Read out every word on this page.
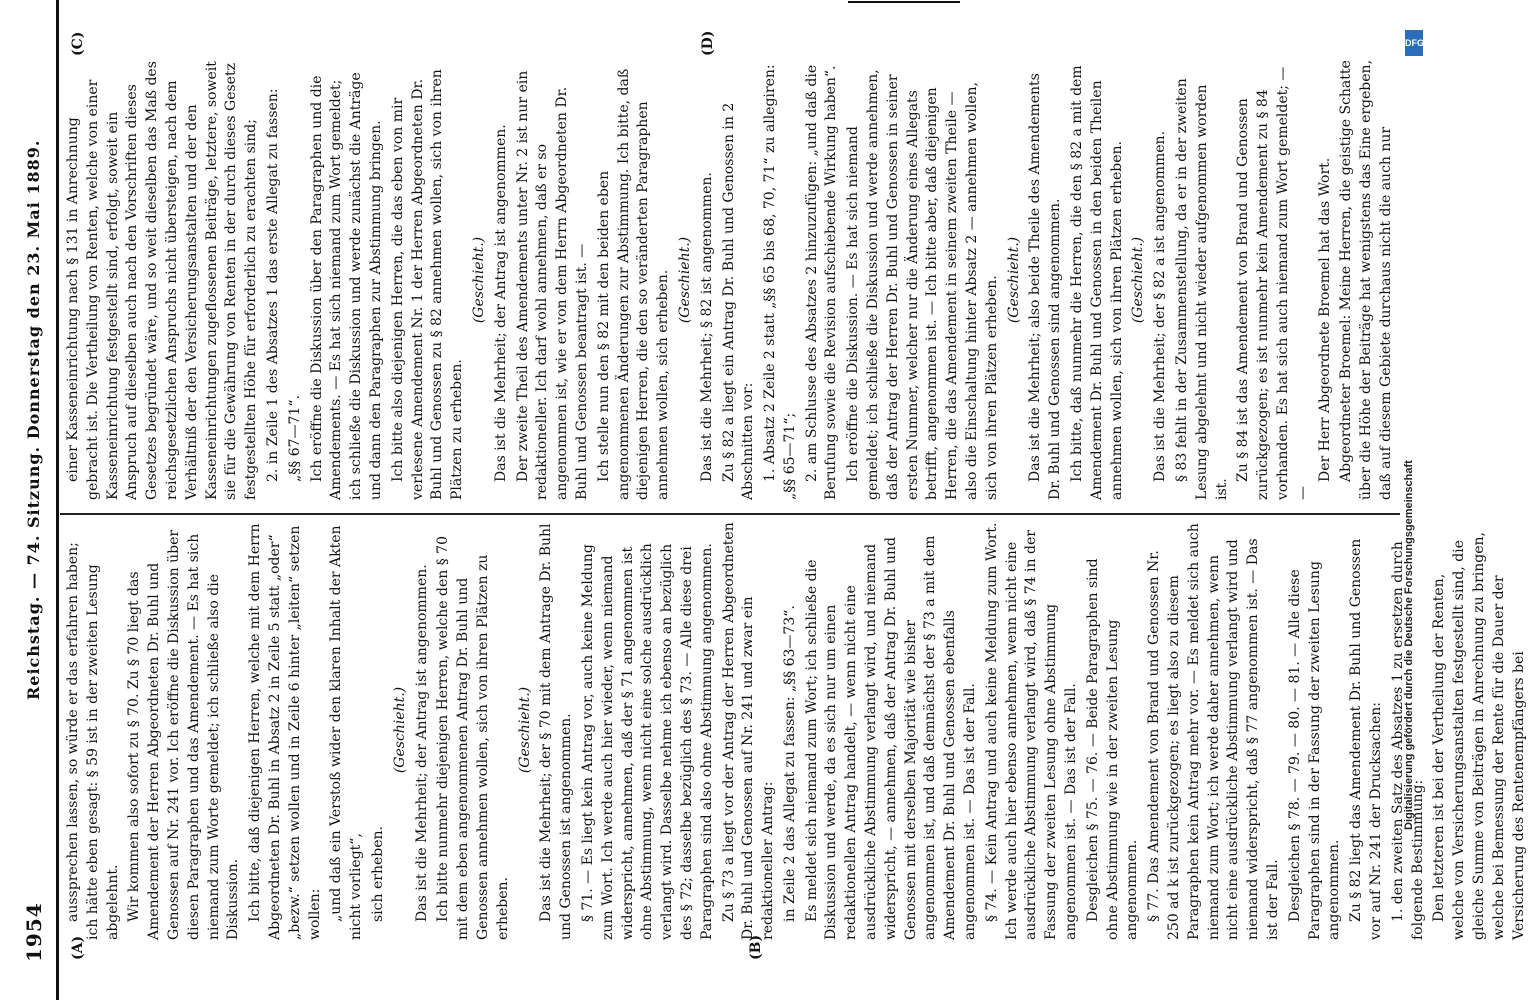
1954
Reichstag. — 74. Sitzung. Donnerstag den 23. Mai 1889.

aussprechen lassen, so würde er das erfahren haben; ich hätte eben gesagt: § 59 ist in der zweiten Lesung abgelehnt. Wir kommen also sofort zu § 70. Zu § 70 liegt das Amendement der Herren Abgeordneten Dr. Buhl und Genossen auf Nr. 241 vor. Ich eröffne die Diskussion über diesen Paragraphen und das Amendement. — Es hat sich niemand zum Worte gemeldet; ich schließe also die Diskussion. Ich bitte, daß diejenigen Herren, welche mit dem Herrn Abgeordneten Dr. Buhl in Absatz 2 in Zeile 5 statt „oder“ „bezw.“ setzen wollen und in Zeile 6 hinter „leiten“ setzen wollen: „und daß ein Verstoß wider den klaren Inhalt der Akten nicht vorliegt“, sich erheben.

(Geschieht.) Das ist die Mehrheit; der Antrag ist angenommen. Ich bitte nunmehr diejenigen Herren, welche den § 70 mit dem eben angenommenen Antrag Dr. Buhl und Genossen annehmen wollen, sich von ihren Plätzen zu erheben.

(Geschieht.) Das ist die Mehrheit; der § 70 mit dem Antrage Dr. Buhl und Genossen ist angenommen. § 71. — Es liegt kein Antrag vor, auch keine Meldung zum Wort. Ich werde auch hier wieder, wenn niemand widerspricht, annehmen, daß der § 71 angenommen ist ohne Abstimmung, wenn nicht eine solche ausdrücklich verlangt wird. Dasselbe nehme ich ebenso an bezüglich des § 72; dasselbe bezüglich des § 73. — Alle diese drei Paragraphen sind also ohne Abstimmung angenommen. Zu § 73 a liegt vor der Antrag der Herren Abgeordneten Dr. Buhl und Genossen auf Nr. 241 und zwar ein redaktioneller Antrag: in Zeile 2 das Allegat zu fassen: „§§ 63—73“. Es meldet sich niemand zum Wort; ich schließe die Diskussion und werde, da es sich nur um einen redaktionellen Antrag handelt, — wenn nicht eine ausdrückliche Abstimmung verlangt wird, und niemand widerspricht, — annehmen, daß der Antrag Dr. Buhl und Genossen mit derselben Majorität wie bisher angenommen ist, und daß demnächst der § 73 a mit dem Amendement Dr. Buhl und Genossen ebenfalls angenommen ist. — Das ist der Fall. § 74. — Kein Antrag und auch keine Meldung zum Wort. Ich werde auch hier ebenso annehmen, wenn nicht eine ausdrückliche Abstimmung verlangt wird, daß § 74 in der Fassung der zweiten Lesung ohne Abstimmung angenommen ist. — Das ist der Fall. Desgleichen § 75. — 76. — Beide Paragraphen sind ohne Abstimmung wie in der zweiten Lesung angenommen. § 77. Das Amendement von Brand und Genossen Nr. 250 ad k ist zurückgezogen; es liegt also zu diesem Paragraphen kein Antrag mehr vor. — Es meldet sich auch niemand zum Wort; ich werde daher annehmen, wenn nicht eine ausdrückliche Abstimmung verlangt wird und niemand widerspricht, daß § 77 angenommen ist. — Das ist der Fall. Desgleichen § 78. — 79. — 80. — 81. — Alle diese Paragraphen sind in der Fassung der zweiten Lesung angenommen. Zu § 82 liegt das Amendement Dr. Buhl und Genossen vor auf Nr. 241 der Drucksachen: 1. den zweiten Satz des Absatzes 1 zu ersetzen durch folgende Bestimmung: Den letzteren ist bei der Vertheilung der Renten, welche von Versicherungsanstalten festgestellt sind, die gleiche Summe von Beiträgen in Anrechnung zu bringen, welche bei Bemessung der Rente für die Dauer der Versicherung des Rentenempfängers bei

einer Kasseneinrichtung nach § 131 in Anrechnung gebracht ist. Die Vertheilung von Renten, welche von einer Kasseneinrichtung festgestellt sind, erfolgt, soweit ein Anspruch auf dieselben auch nach den Vorschriften dieses Gesetzes begründet wäre, und so weit dieselben das Maß des reichsgesetzlichen Anspruchs nicht übersteigen, nach dem Verhältniß der den Versicherungsanstalten und der den Kasseneinrichtungen zugeflossenen Beiträge, letztere, soweit sie für die Gewährung von Renten in der durch dieses Gesetz festgestellten Höhe für erforderlich zu erachten sind; 2. in Zeile 1 des Absatzes 1 das erste Allegat zu fassen: „§§ 67—71“. Ich eröffne die Diskussion über den Paragraphen und die Amendements. — Es hat sich niemand zum Wort gemeldet; ich schließe die Diskussion und werde zunächst die Anträge und dann den Paragraphen zur Abstimmung bringen. Ich bitte also diejenigen Herren, die das eben von mir verlesene Amendement Nr. 1 der Herren Abgeordneten Dr. Buhl und Genossen zu § 82 annehmen wollen, sich von ihren Plätzen zu erheben.

(Geschieht.) Das ist die Mehrheit; der Antrag ist angenommen. Der zweite Theil des Amendements unter Nr. 2 ist nur ein redaktioneller. Ich darf wohl annehmen, daß er so angenommen ist, wie er von dem Herrn Abgeordneten Dr. Buhl und Genossen beantragt ist. — Ich stelle nun den § 82 mit den beiden eben angenommenen Änderungen zur Abstimmung. Ich bitte, daß diejenigen Herren, die den so veränderten Paragraphen annehmen wollen, sich erheben. (Geschieht.) Das ist die Mehrheit; § 82 ist angenommen. Zu § 82 a liegt ein Antrag Dr. Buhl und Genossen in 2 Abschnitten vor: 1. Absatz 2 Zeile 2 statt „§§ 65 bis 68, 70, 71“ zu allegiren: „§§ 65—71“; 2. am Schlusse des Absatzes 2 hinzuzufügen: „und daß die Berufung sowie die Revision aufschiebende Wirkung haben“. Ich eröffne die Diskussion. — Es hat sich niemand gemeldet; ich schließe die Diskussion und werde annehmen, daß der Antrag der Herren Dr. Buhl und Genossen in seiner ersten Nummer, welcher nur die Änderung eines Allegats betrifft, angenommen ist. — Ich bitte aber, daß diejenigen Herren, die das Amendement in seinem zweiten Theile — also die Einschaltung hinter Absatz 2 — annehmen wollen, sich von ihren Plätzen erheben. (Geschieht.) Das ist die Mehrheit; also beide Theile des Amendements Dr. Buhl und Genossen sind angenommen. Ich bitte, daß nunmehr die Herren, die den § 82 a mit dem Amendement Dr. Buhl und Genossen in den beiden Theilen annehmen wollen, sich von ihren Plätzen erheben. (Geschieht.) Das ist die Mehrheit; der § 82 a ist angenommen. § 83 fehlt in der Zusammenstellung, da er in der zweiten Lesung abgelehnt und nicht wieder aufgenommen worden ist.

Zu § 84 ist das Amendement von Brand und Genossen zurückgezogen; es ist nunmehr kein Amendement zu § 84 vorhanden. Es hat sich auch niemand zum Wort gemeldet; — —

Der Herr Abgeordnete Broemel hat das Wort. Abgeordneter Broemel: Meine Herren, die geistige Schatte über die Höhe der Beiträge hat wenigstens das Eine ergeben, daß auf diesem Gebiete durchaus nicht die auch nur

(A)	(B)
(C)	(D)	DFG
Digitalisierung gefördert durch die Deutsche Forschungsgemeinschaft
